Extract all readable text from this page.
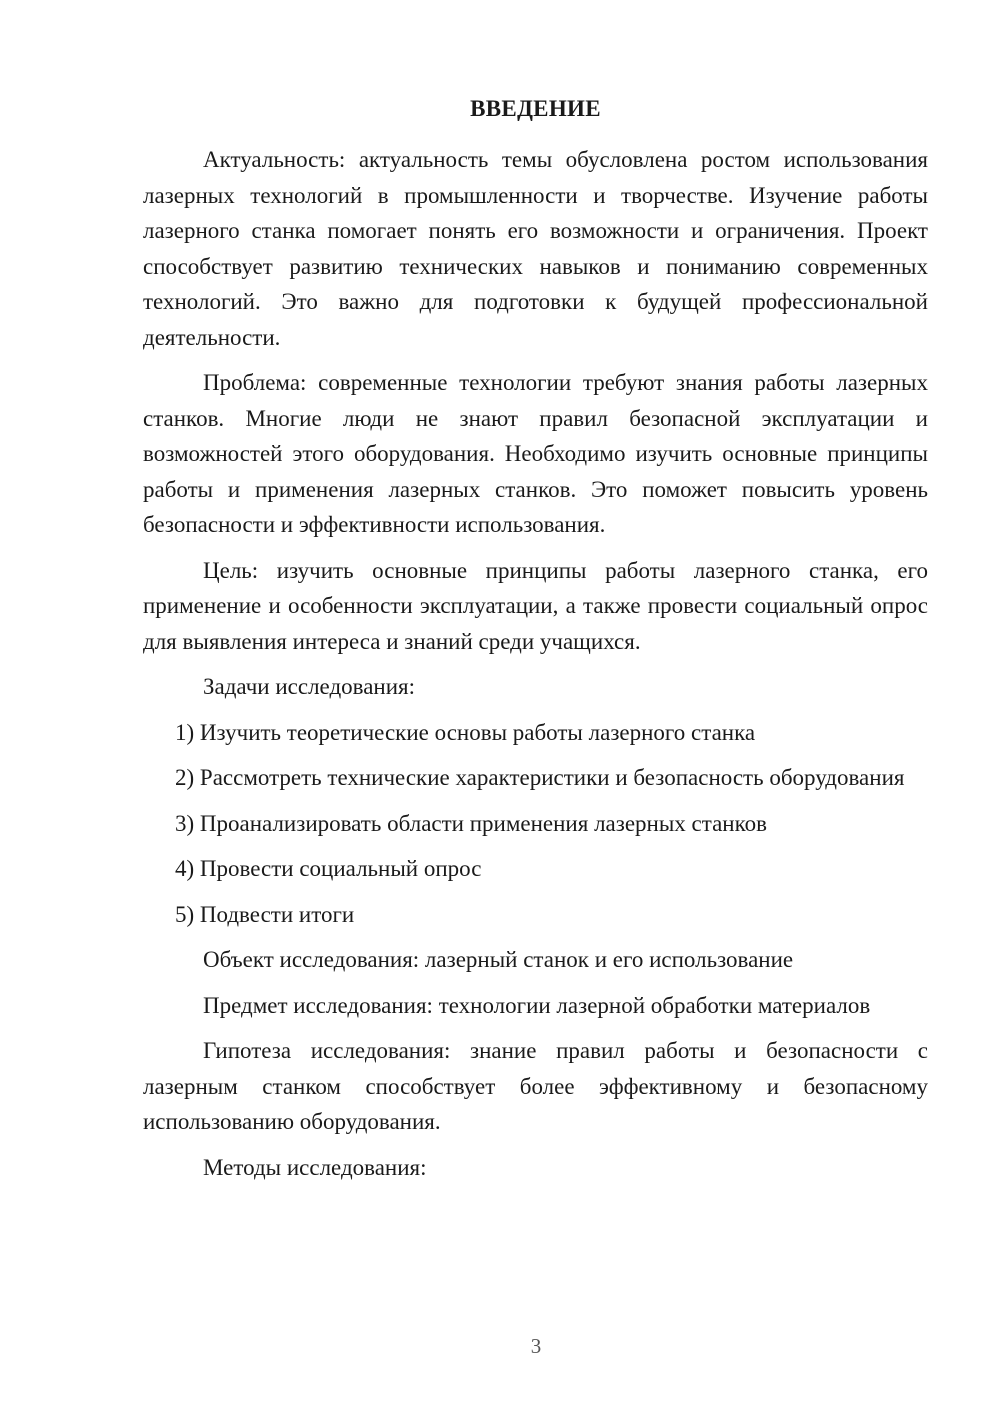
ВВЕДЕНИЕ

Актуальность: актуальность темы обусловлена ростом использования лазерных технологий в промышленности и творчестве. Изучение работы лазерного станка помогает понять его возможности и ограничения. Проект способствует развитию технических навыков и пониманию современных технологий. Это важно для подготовки к будущей профессиональной деятельности.

Проблема: современные технологии требуют знания работы лазерных станков. Многие люди не знают правил безопасной эксплуатации и возможностей этого оборудования. Необходимо изучить основные принципы работы и применения лазерных станков. Это поможет повысить уровень безопасности и эффективности использования.

Цель: изучить основные принципы работы лазерного станка, его применение и особенности эксплуатации, а также провести социальный опрос для выявления интереса и знаний среди учащихся.

Задачи исследования:

1) Изучить теоретические основы работы лазерного станка

2) Рассмотреть технические характеристики и безопасность оборудования

3) Проанализировать области применения лазерных станков

4) Провести социальный опрос

5) Подвести итоги

Объект исследования: лазерный станок и его использование

Предмет исследования: технологии лазерной обработки материалов

Гипотеза исследования: знание правил работы и безопасности с лазерным станком способствует более эффективному и безопасному использованию оборудования.

Методы исследования:

3
